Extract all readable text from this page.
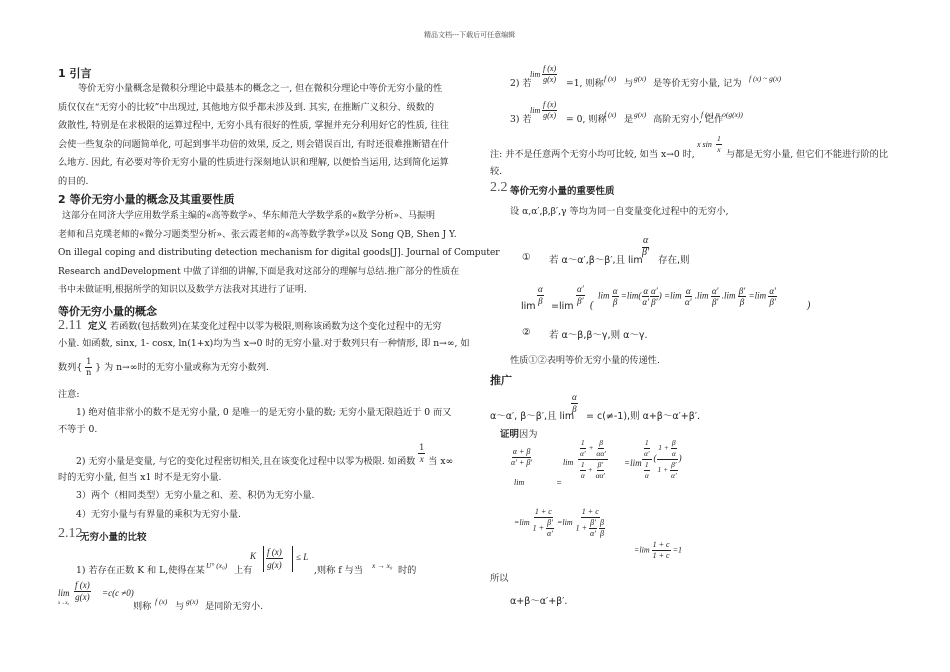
精品文档---下载后可任意编辑
1 引言
等价无穷小量概念是微积分理论中最基本的概念之一, 但在微积分理论中等价无穷小量的性
质仅仅在“无穷小的比较”中出现过, 其他地方似乎都未涉及到. 其实, 在推断广义积分、级数的
敛散性, 特别是在求极限的运算过程中, 无穷小具有很好的性质, 掌握并充分利用好它的性质, 往往
会使一些复杂的问题简单化, 可起到事半功倍的效果, 反之, 则会错误百出, 有时还很难推断错在什
么地方. 因此, 有必要对等价无穷小量的性质进行深刻地认识和理解, 以便恰当运用, 达到简化运算
的目的.
2 等价无穷小量的概念及其重要性质
这部分在同济大学应用数学系主编的«高等数学»、华东师范大学数学系的«数学分析»、马振明
老师和吕克璞老师的«微分习题类型分析»、张云霞老师的«高等数学教学»以及 Song QB, Shen J Y.
On illegal coping and distributing detection mechanism for digital goods[J]. Journal of Computer
Research andDevelopment 中做了详细的讲解,下面是我对这部分的理解与总结.推广部分的性质在
书中未做证明,根据所学的知识以及数学方法我对其进行了证明.
等价无穷小量的概念
2.11 定义 若函数(包括数列)在某变化过程中以零为极限,则称该函数为这个变化过程中的无穷
小量. 如函数, sinx, 1- cosx, ln(1+x)均为当 x→0 时的无穷小量.对于数列只有一种情形, 即 n→∞, 如
数列{ $\frac{1}{n}$ } 为 n→∞时的无穷小量或称为无穷小数列.
注意:
1) 绝对值非常小的数不是无穷小量, 0 是唯一的是无穷小量的数; 无穷小量无限趋近于 0 而又
不等于 0.
2) 无穷小量是变量, 与它的变化过程密切相关,且在该变化过程中以零为极限. 如函数 $\frac{1}{x}$ 当 x∞
时的无穷小量, 但当 x1 时不是无穷小量.
3）两个（相同类型）无穷小量之和、差、积仍为无穷小量.
4）无穷小量与有界量的乘积为无穷小量.
2.12
无穷小量的比较
1) 若存在正数 K 和 L,使得在某 U° (x₀) 上有
K $\frac{f (x)}{g(x)} \le L$
,则称 f 与当 x → x₀ 时的
lim
x→x₀
$\frac{f (x)}{g(x)} =c(c \ne 0)$
则称 f (x) 与 g(x) 是同阶无穷小.
lim
2) 若 $\frac{f (x)}{g(x)} =1$, 则称 f (x) 与 g(x) 是等价无穷小量, 记为 f (x) ~ g(x)
lim
3) 若 $\frac{f (x)}{g(x)} = 0$, 则称
f (x) 是 g(x) 高阶无穷小, 记作
f (x) = o(g(x))
注: 并不是任意两个无穷小均可比较, 如当 x→0 时,
x $\sin \frac{1}{x}$ 与都是无穷小量, 但它们不能进行阶的比
较.
2.2 等价无穷小量的重要性质
设 α,α′,β,β′,γ 等均为同一自变量变化过程中的无穷小,
① 若 α～α′,β～β′,且 lim
$\frac{\alpha}{\beta'}$
存在,则
lim
$\frac{\alpha}{\beta}$
=lim
$\frac{\alpha'}{\beta'}$ (
$\lim \frac{\alpha}{\beta} =\lim( \frac{\alpha}{\alpha'} \frac{\alpha'}{\beta'}$ ) $=\lim \frac{\alpha}{\alpha'} .\lim \frac{\alpha'}{\beta'} .\lim \frac{\beta'}{\beta} =\lim \frac{\alpha'}{\beta'}$	)
② 若 α～β,β～γ,则 α～γ.
性质①②表明等价无穷小量的传递性.
推广
α～α′, β～β′,且 lim
$\frac{\alpha}{\beta}$
= c(≠-1),则 α+β～α′+β′.
证明因为
$\frac{\alpha + \beta}{\alpha' + \beta'}$
lim	=
$\lim \frac{\frac{1}{\alpha'} + \frac{\beta}{\alpha\alpha'}}{\frac{1}{\alpha} + \frac{\beta'}{\alpha\alpha'}} =\lim \frac{\frac{1}{\alpha'}}{\frac{1}{\alpha}}$ ( $\frac{1 + \frac{\beta}{\alpha}}{1 + \frac{\beta'}{\alpha'}}$ )
$=\lim \frac{1 + c}{1 + \frac{\beta'}{\alpha'}} =\lim$ 1 + c
$1 + \frac{\beta'}{\alpha'}$
$\frac{\beta}{\beta}$
$=\lim \frac{1 + c}{1 + c} =1$
所以
α+β～α′+β′.
